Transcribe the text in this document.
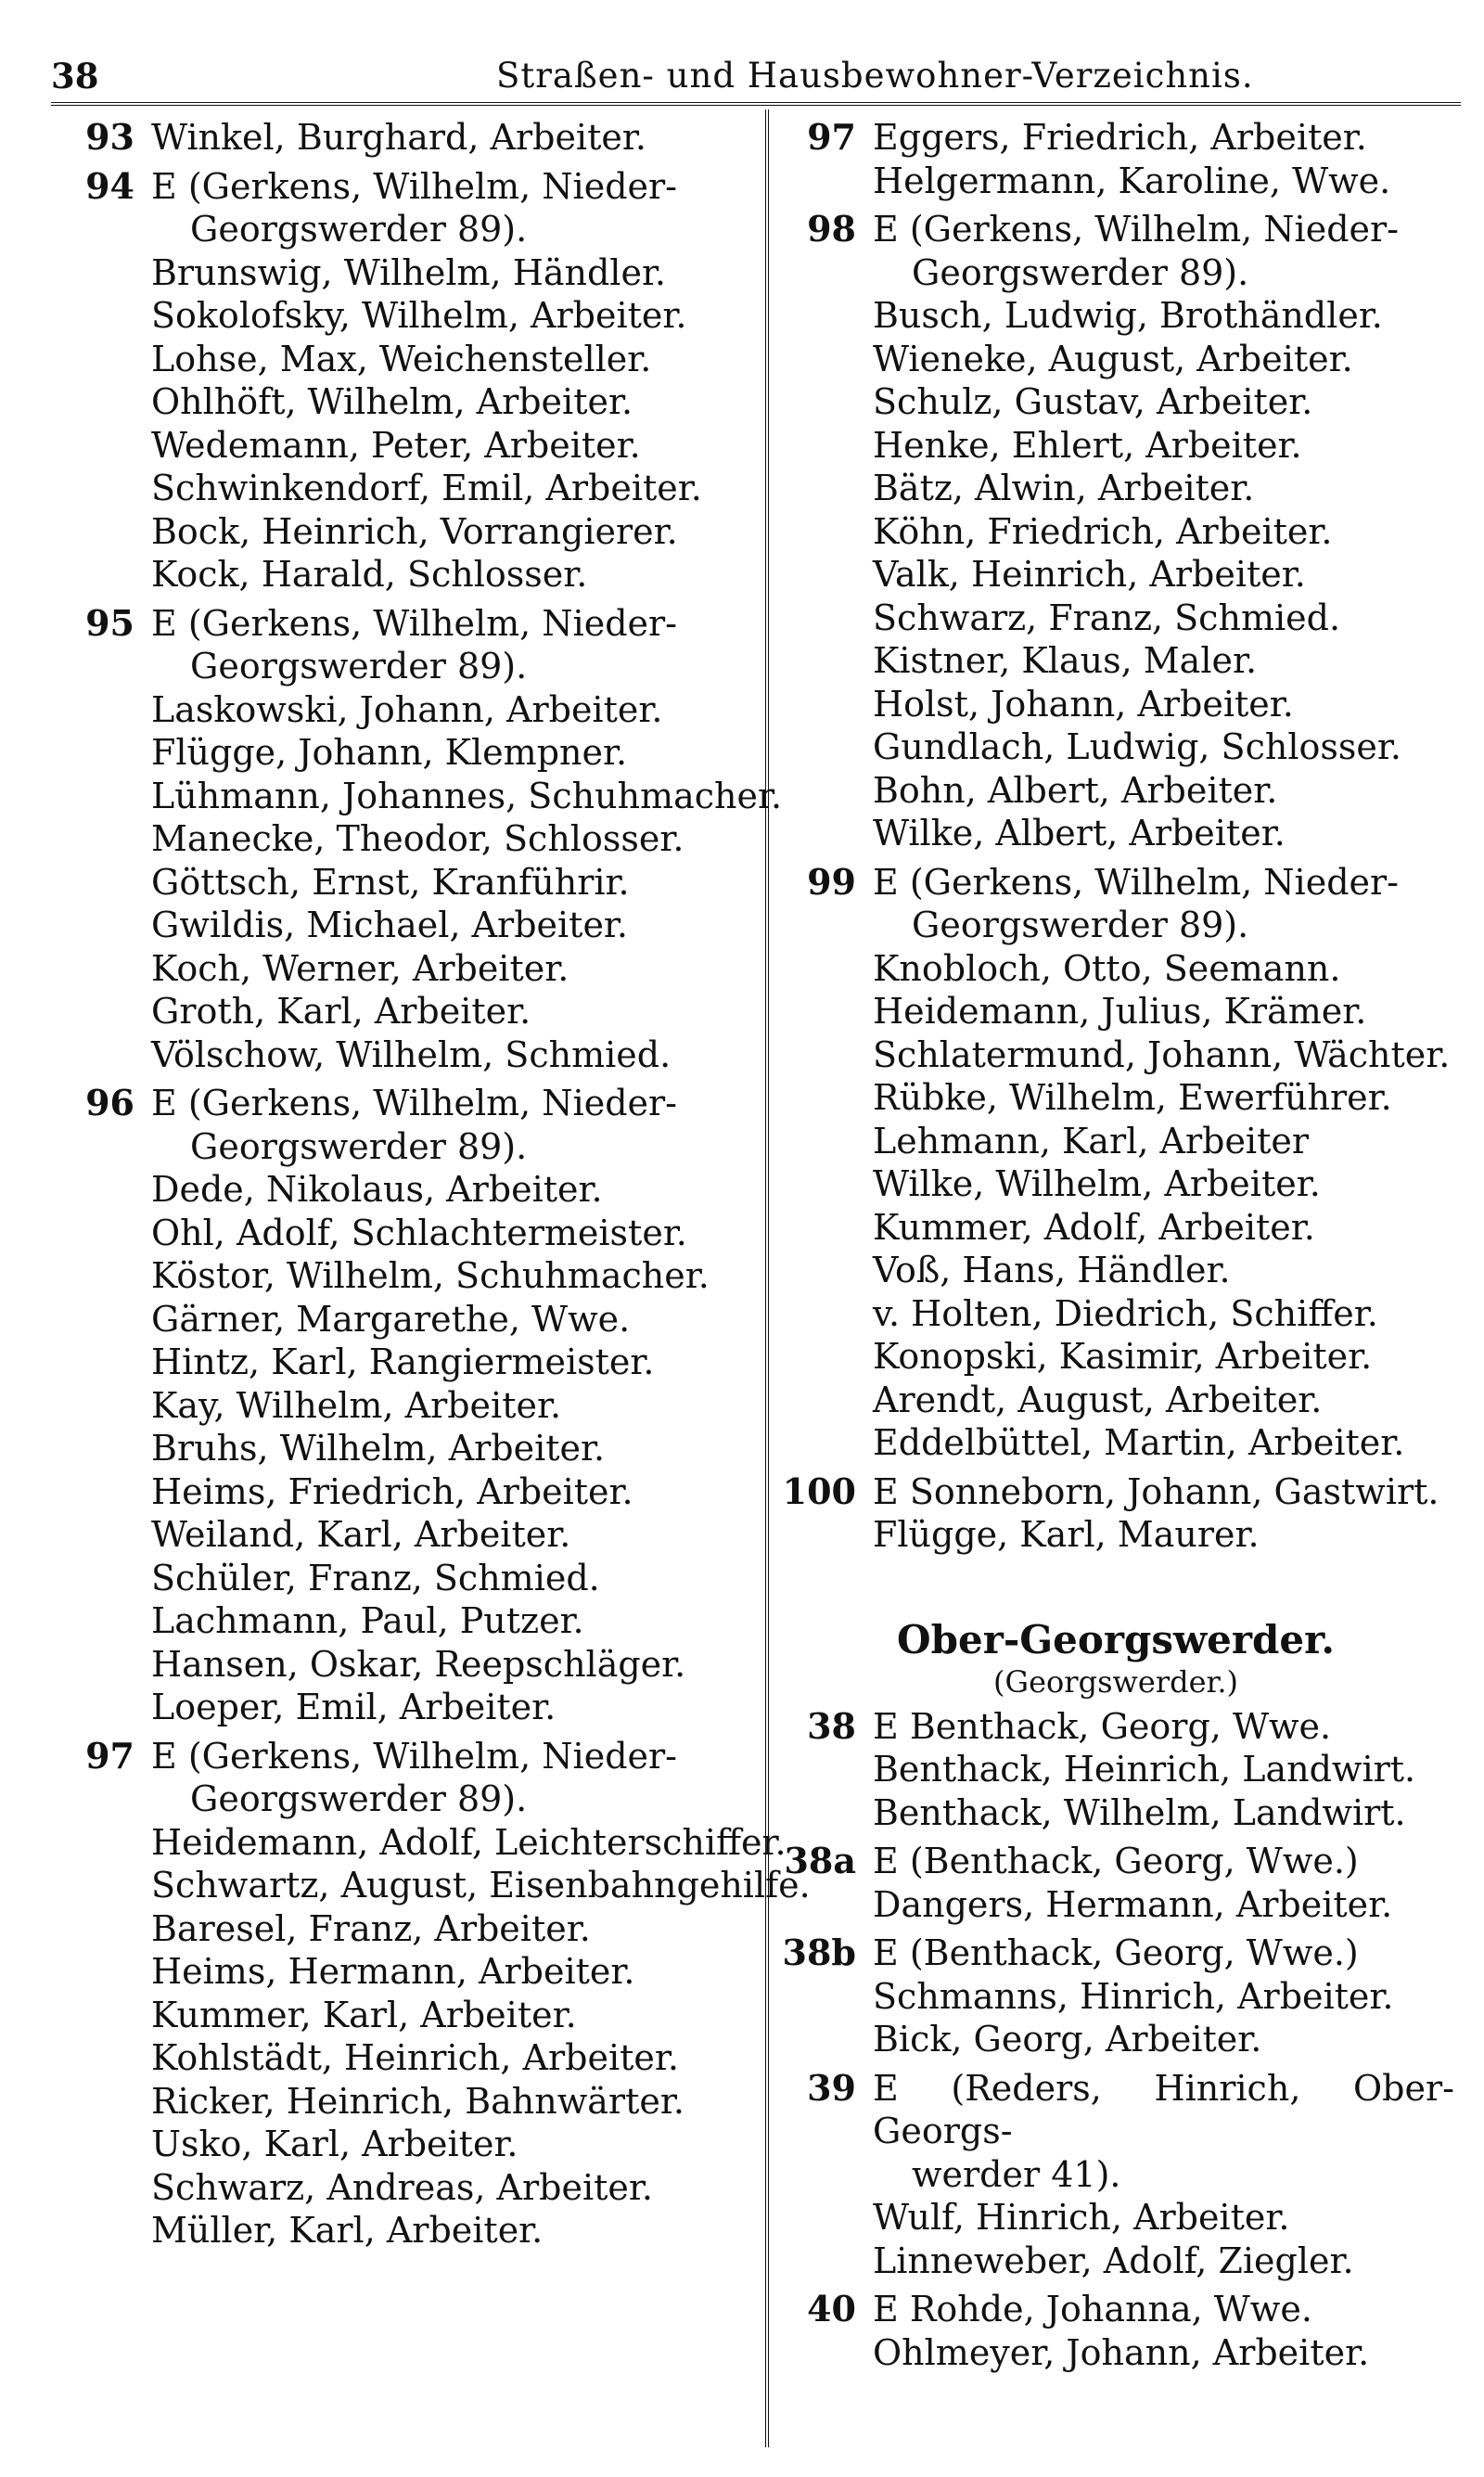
38	Straßen- und Hausbewohner-Verzeichnis.
93 Winkel, Burghard, Arbeiter.
94 E (Gerkens, Wilhelm, Nieder-
Georgswerder 89).
Brunswig, Wilhelm, Händler.
Sokolofsky, Wilhelm, Arbeiter.
Lohse, Max, Weichensteller.
Ohlhöft, Wilhelm, Arbeiter.
Wedemann, Peter, Arbeiter.
Schwinkendorf, Emil, Arbeiter.
Bock, Heinrich, Vorrangierer.
Kock, Harald, Schlosser.
95 E (Gerkens, Wilhelm, Nieder-
Georgswerder 89).
Laskowski, Johann, Arbeiter.
Flügge, Johann, Klempner.
Lühmann, Johannes, Schuhmacher.
Manecke, Theodor, Schlosser.
Göttsch, Ernst, Kranführir.
Gwildis, Michael, Arbeiter.
Koch, Werner, Arbeiter.
Groth, Karl, Arbeiter.
Völschow, Wilhelm, Schmied.
96 E (Gerkens, Wilhelm, Nieder-
Georgswerder 89).
Dede, Nikolaus, Arbeiter.
Ohl, Adolf, Schlachtermeister.
Köstor, Wilhelm, Schuhmacher.
Gärner, Margarethe, Wwe.
Hintz, Karl, Rangiermeister.
Kay, Wilhelm, Arbeiter.
Bruhs, Wilhelm, Arbeiter.
Heims, Friedrich, Arbeiter.
Weiland, Karl, Arbeiter.
Schüler, Franz, Schmied.
Lachmann, Paul, Putzer.
Hansen, Oskar, Reepschläger.
Loeper, Emil, Arbeiter.
97 E (Gerkens, Wilhelm, Nieder-
Georgswerder 89).
Heidemann, Adolf, Leichterschiffer.
Schwartz, August, Eisenbahngehilfe.
Baresel, Franz, Arbeiter.
Heims, Hermann, Arbeiter.
Kummer, Karl, Arbeiter.
Kohlstädt, Heinrich, Arbeiter.
Ricker, Heinrich, Bahnwärter.
Usko, Karl, Arbeiter.
Schwarz, Andreas, Arbeiter.
Müller, Karl, Arbeiter.
97 Eggers, Friedrich, Arbeiter.
Helgermann, Karoline, Wwe.
98 E (Gerkens, Wilhelm, Nieder-
Georgswerder 89).
Busch, Ludwig, Brothändler.
Wieneke, August, Arbeiter.
Schulz, Gustav, Arbeiter.
Henke, Ehlert, Arbeiter.
Bätz, Alwin, Arbeiter.
Köhn, Friedrich, Arbeiter.
Valk, Heinrich, Arbeiter.
Schwarz, Franz, Schmied.
Kistner, Klaus, Maler.
Holst, Johann, Arbeiter.
Gundlach, Ludwig, Schlosser.
Bohn, Albert, Arbeiter.
Wilke, Albert, Arbeiter.
99 E (Gerkens, Wilhelm, Nieder-
Georgswerder 89).
Knobloch, Otto, Seemann.
Heidemann, Julius, Krämer.
Schlatermund, Johann, Wächter.
Rübke, Wilhelm, Ewerführer.
Lehmann, Karl, Arbeiter
Wilke, Wilhelm, Arbeiter.
Kummer, Adolf, Arbeiter.
Voß, Hans, Händler.
v. Holten, Diedrich, Schiffer.
Konopski, Kasimir, Arbeiter.
Arendt, August, Arbeiter.
Eddelbüttel, Martin, Arbeiter.
100 E Sonneborn, Johann, Gastwirt.
Flügge, Karl, Maurer.
Ober-Georgswerder.
(Georgswerder.)
38 E Benthack, Georg, Wwe.
Benthack, Heinrich, Landwirt.
Benthack, Wilhelm, Landwirt.
38a E (Benthack, Georg, Wwe.)
Dangers, Hermann, Arbeiter.
38b E (Benthack, Georg, Wwe.)
Schmanns, Hinrich, Arbeiter.
Bick, Georg, Arbeiter.
39 E (Reders, Hinrich, Ober-Georgs-
werder 41).
Wulf, Hinrich, Arbeiter.
Linneweber, Adolf, Ziegler.
40 E Rohde, Johanna, Wwe.
Ohlmeyer, Johann, Arbeiter.
